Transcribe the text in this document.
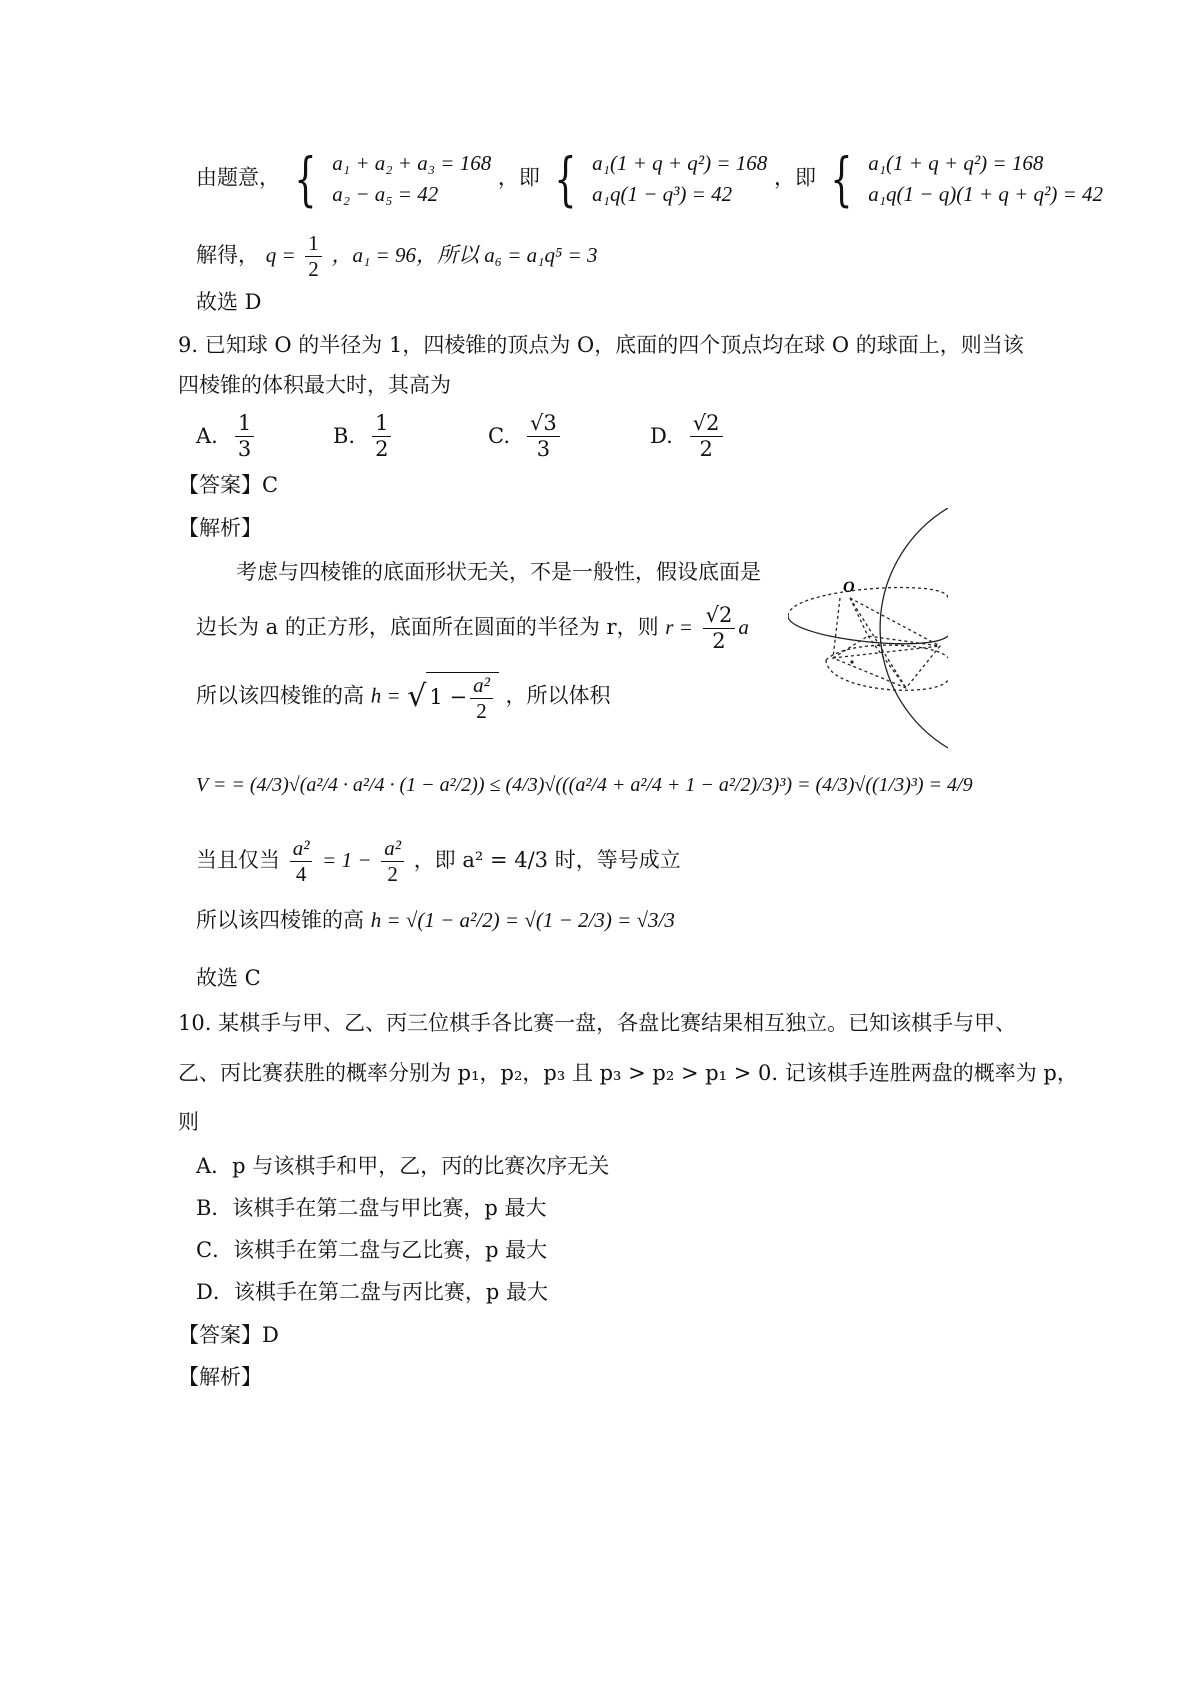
由题意， { a₁ + a₂ + a₃ = 168
a₂ − a₅ = 42
，即 { a₁(1 + q + q²) = 168
a₁q(1 − q³) = 42
，即 { a₁(1 + q + q²) = 168
a₁q(1 − q)(1 + q + q²) = 42
解得， $q = \frac{1}{2}$ ，a₁ = 96，所以 a₆ = a₁q⁵ = 3
故选 D
9. 已知球 O 的半径为 1，四棱锥的顶点为 O，底面的四个顶点均在球 O 的球面上，则当该
四棱锥的体积最大时，其高为
A. $\frac{1}{3}$	B. $\frac{1}{2}$	C. $\frac{√3}{3}$	D. $\frac{√2}{2}$
【答案】C
【解析】
考虑与四棱锥的底面形状无关，不是一般性，假设底面是
边长为 a 的正方形，底面所在圆面的半径为 r，则 $r = \frac{√2}{2}$ a
所以该四棱锥的高 h = √ $1 - \frac{\text{a²}}{2}$ ，所以体积
V = = (4/3)√(a²/4 · a²/4 · (1 − a²/2)) ≤ (4/3)√(((a²/4 + a²/4 + 1 − a²/2)/3)³) = (4/3)√((1/3)³) = 4/9
当且仅当 $\frac{\text{a²}}{4} = 1 - \frac{\text{a²}}{2}$ ，即 a² = 4/3 时，等号成立
所以该四棱锥的高 h = √(1 − a²/2) = √(1 − 2/3) = √3/3
故选 C
O
10. 某棋手与甲、乙、丙三位棋手各比赛一盘，各盘比赛结果相互独立。已知该棋手与甲、
乙、丙比赛获胜的概率分别为 p₁，p₂，p₃ 且 p₃ > p₂ > p₁ > 0. 记该棋手连胜两盘的概率为 p，
则
A．p 与该棋手和甲，乙，丙的比赛次序无关
B．该棋手在第二盘与甲比赛，p 最大
C．该棋手在第二盘与乙比赛，p 最大
D．该棋手在第二盘与丙比赛，p 最大
【答案】D
【解析】
